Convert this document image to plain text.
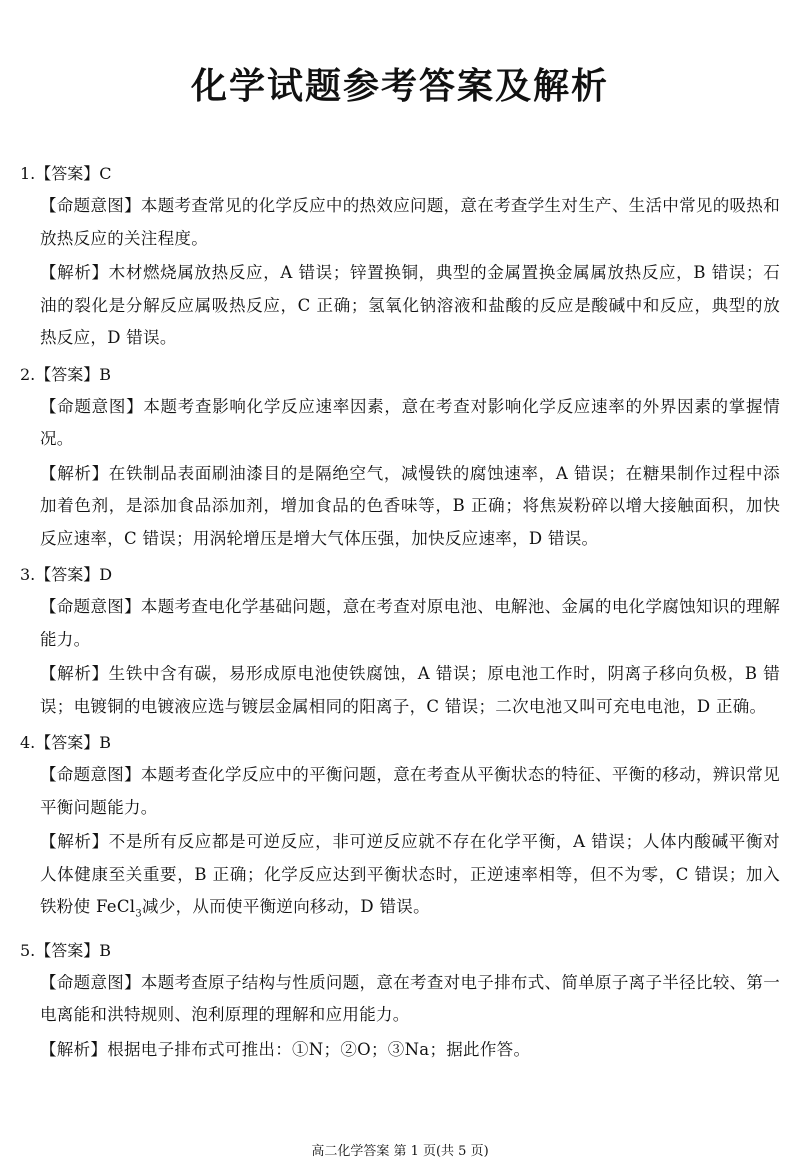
化学试题参考答案及解析
1.【答案】C
【命题意图】本题考查常见的化学反应中的热效应问题，意在考查学生对生产、生活中常见的吸热和放热反应的关注程度。
【解析】木材燃烧属放热反应，A 错误；锌置换铜，典型的金属置换金属属放热反应，B 错误；石油的裂化是分解反应属吸热反应，C 正确；氢氧化钠溶液和盐酸的反应是酸碱中和反应，典型的放热反应，D 错误。
2.【答案】B
【命题意图】本题考查影响化学反应速率因素，意在考查对影响化学反应速率的外界因素的掌握情况。
【解析】在铁制品表面刷油漆目的是隔绝空气，减慢铁的腐蚀速率，A 错误；在糖果制作过程中添加着色剂，是添加食品添加剂，增加食品的色香味等，B 正确；将焦炭粉碎以增大接触面积，加快反应速率，C 错误；用涡轮增压是增大气体压强，加快反应速率，D 错误。
3.【答案】D
【命题意图】本题考查电化学基础问题，意在考查对原电池、电解池、金属的电化学腐蚀知识的理解能力。
【解析】生铁中含有碳，易形成原电池使铁腐蚀，A 错误；原电池工作时，阴离子移向负极，B 错误；电镀铜的电镀液应选与镀层金属相同的阳离子，C 错误；二次电池又叫可充电电池，D 正确。
4.【答案】B
【命题意图】本题考查化学反应中的平衡问题，意在考查从平衡状态的特征、平衡的移动，辨识常见平衡问题能力。
【解析】不是所有反应都是可逆反应，非可逆反应就不存在化学平衡，A 错误；人体内酸碱平衡对人体健康至关重要，B 正确；化学反应达到平衡状态时，正逆速率相等，但不为零，C 错误；加入铁粉使 FeCl$_3$减少，从而使平衡逆向移动，D 错误。
5.【答案】B
【命题意图】本题考查原子结构与性质问题，意在考查对电子排布式、简单原子离子半径比较、第一电离能和洪特规则、泡利原理的理解和应用能力。
【解析】根据电子排布式可推出：①N；②O；③Na；据此作答。
高二化学答案 第 1 页(共 5 页)
